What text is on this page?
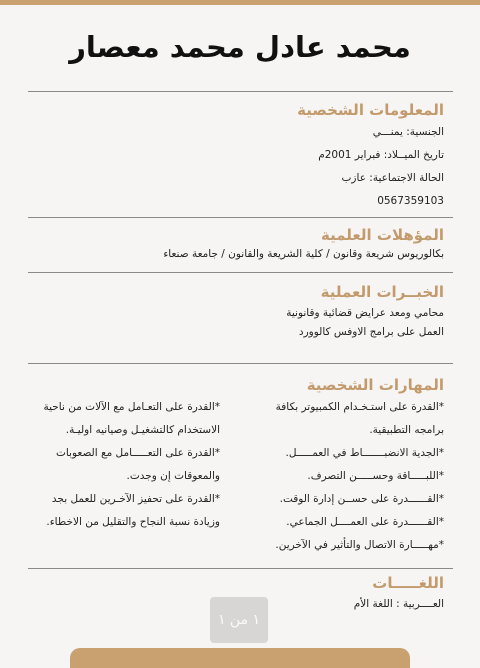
محمد عادل محمد معصار
المعلومات الشخصية

الجنسية: يمنـــي

تاريخ الميــلاد: فبراير 2001م

الحالة الاجتماعية: عازب

0567359103

المؤهلات العلمية

بكالوريوس شريعة وقانون / كلية الشريعة والقانون / جامعة صنعاء

الخبــرات العملية

محامي ومعد عرايض قضائية وقانونية

العمل على برامج الاوفس كالوورد

المهارات الشخصية

*القدرة على استـخـدام الكمبيوتر بكافة

برامجه التطبيقية.

*الجدية الانضبـــــــاط في العمـــــل.

*اللبـــــاقة وحســـــن التصرف.

*القــــــدرة على حســن إدارة الوقت.

*القــــــدرة على العمــــل الجماعي.

*مهـــــارة الاتصال والتأثير في الآخرين.

*القدرة على التعـامل مع الآلات من ناحية

الاستخدام كالتشغيـل وصيانيه اوليـة.

*القدرة على التعـــــامل مع الصعوبات

والمعوقات إن وجدت.

*القدرة على تحفيز الآخـرين للعمل بجد

وزيادة نسبة النجاح والتقليل من الاخطاء.

اللغـــــات

العــــربية : اللغة الأم

١ من ١
